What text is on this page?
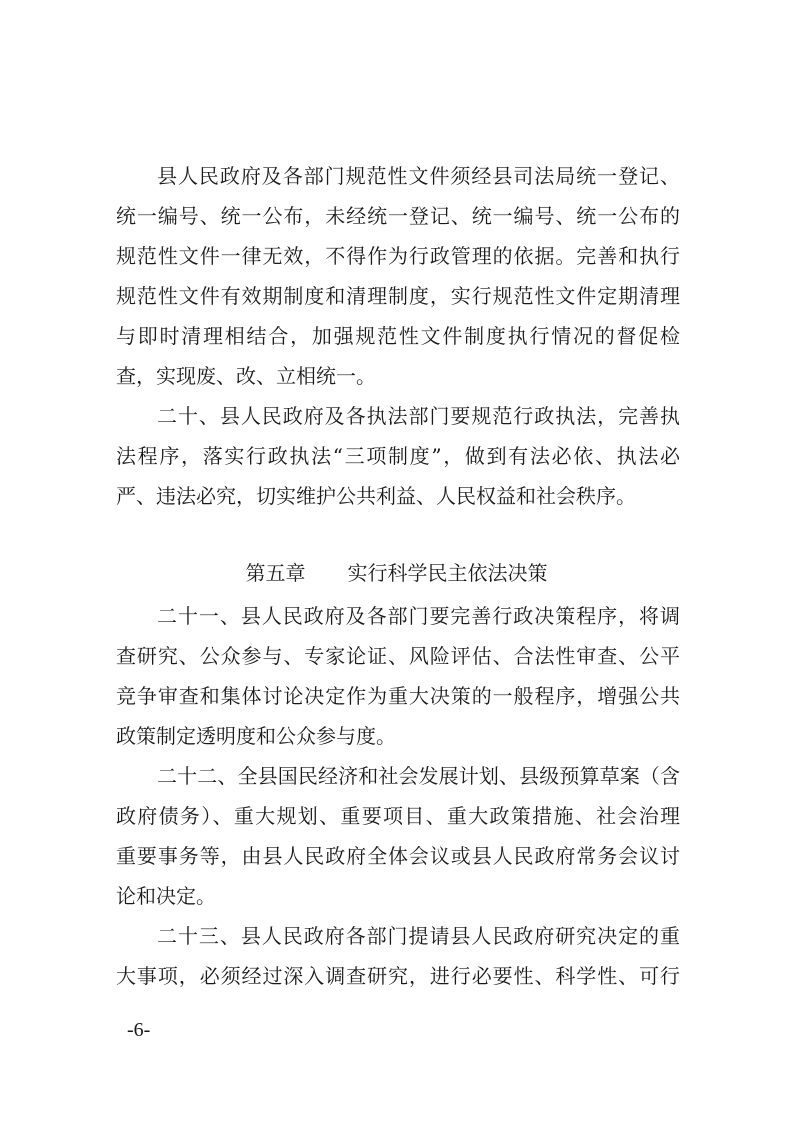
县人民政府及各部门规范性文件须经县司法局统一登记、
统一编号、统一公布，未经统一登记、统一编号、统一公布的
规范性文件一律无效，不得作为行政管理的依据。完善和执行
规范性文件有效期制度和清理制度，实行规范性文件定期清理
与即时清理相结合，加强规范性文件制度执行情况的督促检
查，实现废、改、立相统一。
二十、县人民政府及各执法部门要规范行政执法，完善执
法程序，落实行政执法“三项制度”，做到有法必依、执法必
严、违法必究，切实维护公共利益、人民权益和社会秩序。
第五章 实行科学民主依法决策
二十一、县人民政府及各部门要完善行政决策程序，将调
查研究、公众参与、专家论证、风险评估、合法性审查、公平
竞争审查和集体讨论决定作为重大决策的一般程序，增强公共
政策制定透明度和公众参与度。
二十二、全县国民经济和社会发展计划、县级预算草案（含
政府债务）、重大规划、重要项目、重大政策措施、社会治理
重要事务等，由县人民政府全体会议或县人民政府常务会议讨
论和决定。
二十三、县人民政府各部门提请县人民政府研究决定的重
大事项，必须经过深入调查研究，进行必要性、科学性、可行
-6-
